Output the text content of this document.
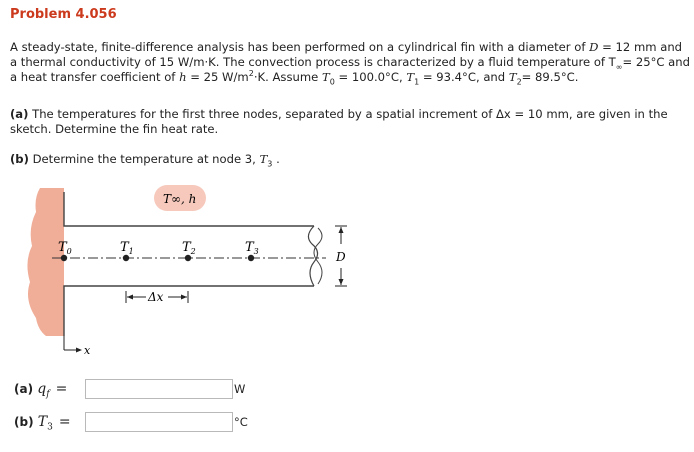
Problem 4.056
A steady-state, finite-difference analysis has been performed on a cylindrical fin with a diameter of D = 12 mm and a thermal conductivity of 15 W/m·K. The convection process is characterized by a fluid temperature of $T_\infty= 25^\circ C$ and a heat transfer coefficient of h = 25 $W/m^2\cdot K$. Assume $T_0 = 100.0^\circ C$, $T_1 = 93.4^\circ C$, and $T_2= 89.5^\circ C$.
(a) The temperatures for the first three nodes, separated by a spatial increment of Δx = 10 mm, are given in the sketch. Determine the fin heat rate.
(b) Determine the temperature at node 3, $T_3$ .
$T_0$	$T_1$	$T_2$	$T_3$
T∞, h
Δx
D
x
(a) $q_f$ =	W
(b) $T_3$ =	°C
